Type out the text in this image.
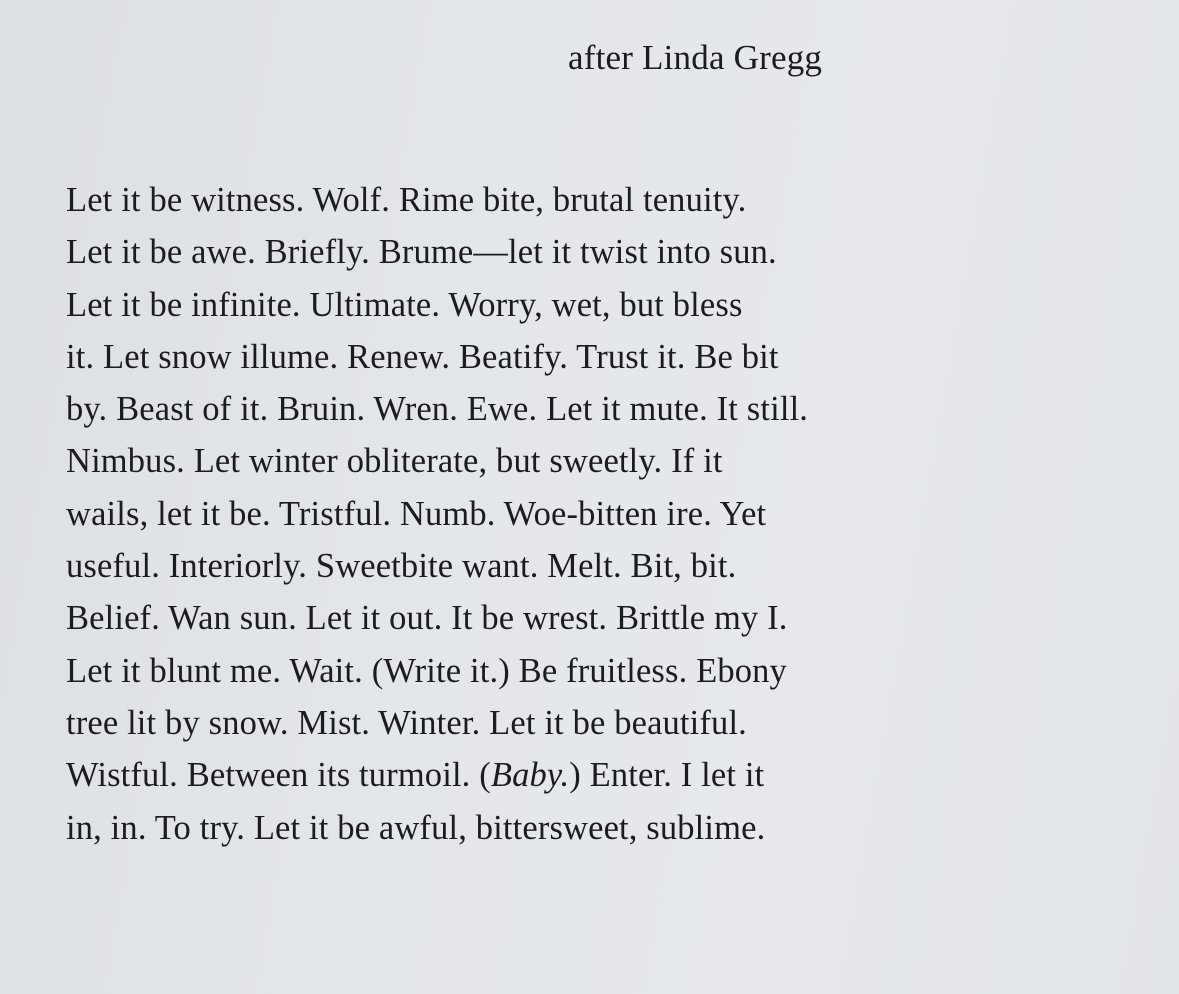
after Linda Gregg
Let it be witness. Wolf. Rime bite, brutal tenuity.
Let it be awe. Briefly. Brume—let it twist into sun.
Let it be infinite. Ultimate. Worry, wet, but bless
it. Let snow illume. Renew. Beatify. Trust it. Be bit
by. Beast of it. Bruin. Wren. Ewe. Let it mute. It still.
Nimbus. Let winter obliterate, but sweetly. If it
wails, let it be. Tristful. Numb. Woe-bitten ire. Yet
useful. Interiorly. Sweetbite want. Melt. Bit, bit.
Belief. Wan sun. Let it out. It be wrest. Brittle my I.
Let it blunt me. Wait. (Write it.) Be fruitless. Ebony
tree lit by snow. Mist. Winter. Let it be beautiful.
Wistful. Between its turmoil. (Baby.) Enter. I let it
in, in. To try. Let it be awful, bittersweet, sublime.
